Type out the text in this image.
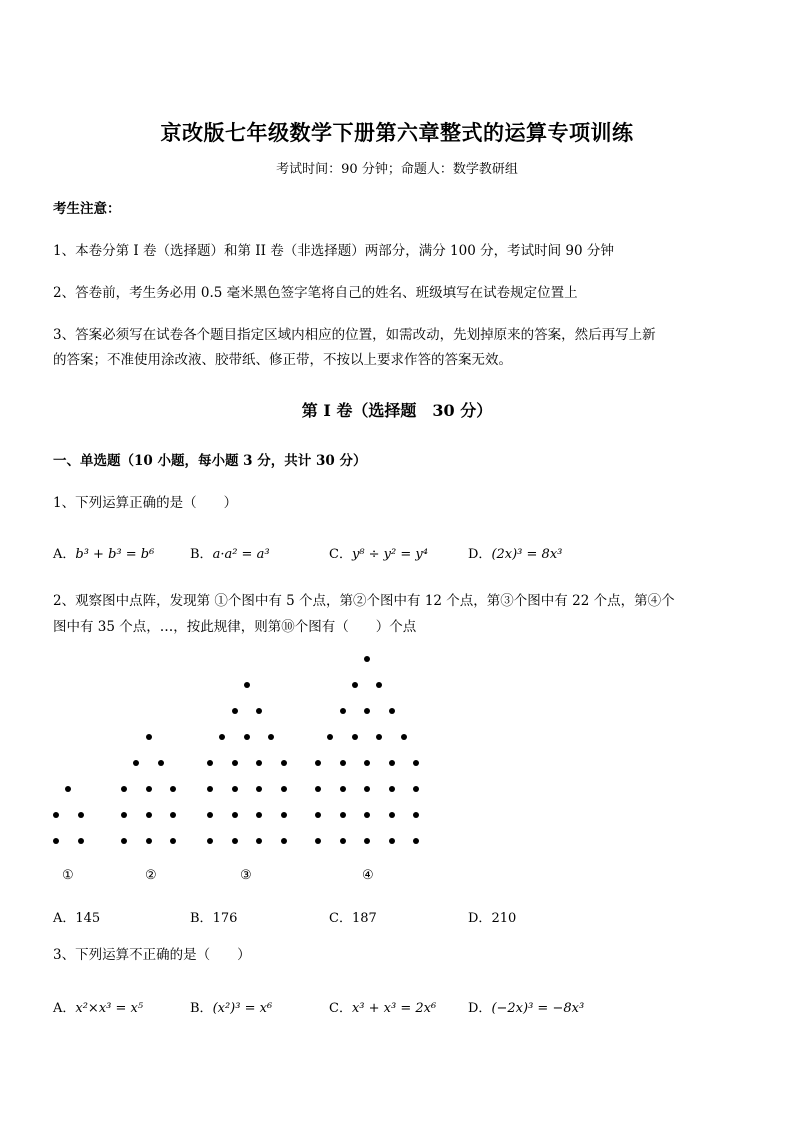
京改版七年级数学下册第六章整式的运算专项训练
考试时间：90 分钟；命题人：数学教研组
考生注意：
1、本卷分第 I 卷（选择题）和第 II 卷（非选择题）两部分，满分 100 分，考试时间 90 分钟
2、答卷前，考生务必用 0.5 毫米黑色签字笔将自己的姓名、班级填写在试卷规定位置上
3、答案必须写在试卷各个题目指定区域内相应的位置，如需改动，先划掉原来的答案，然后再写上新
的答案；不准使用涂改液、胶带纸、修正带，不按以上要求作答的答案无效。
第 I 卷（选择题　30 分）
一、单选题（10 小题，每小题 3 分，共计 30 分）
1、下列运算正确的是（　　）
A．b³ + b³ = b⁶	B．a·a² = a³	C．y⁸ ÷ y² = y⁴	D．(2x)³ = 8x³
2、观察图中点阵，发现第 ①个图中有 5 个点，第②个图中有 12 个点，第③个图中有 22 个点，第④个
图中有 35 个点，…，按此规律，则第⑩个图有（　　）个点
①	②	③	④
A．145	B．176	C．187	D．210
3、下列运算不正确的是（　　）
A．x²×x³ = x⁵	B．(x²)³ = x⁶	C．x³ + x³ = 2x⁶ D．(−2x)³ = −8x³
